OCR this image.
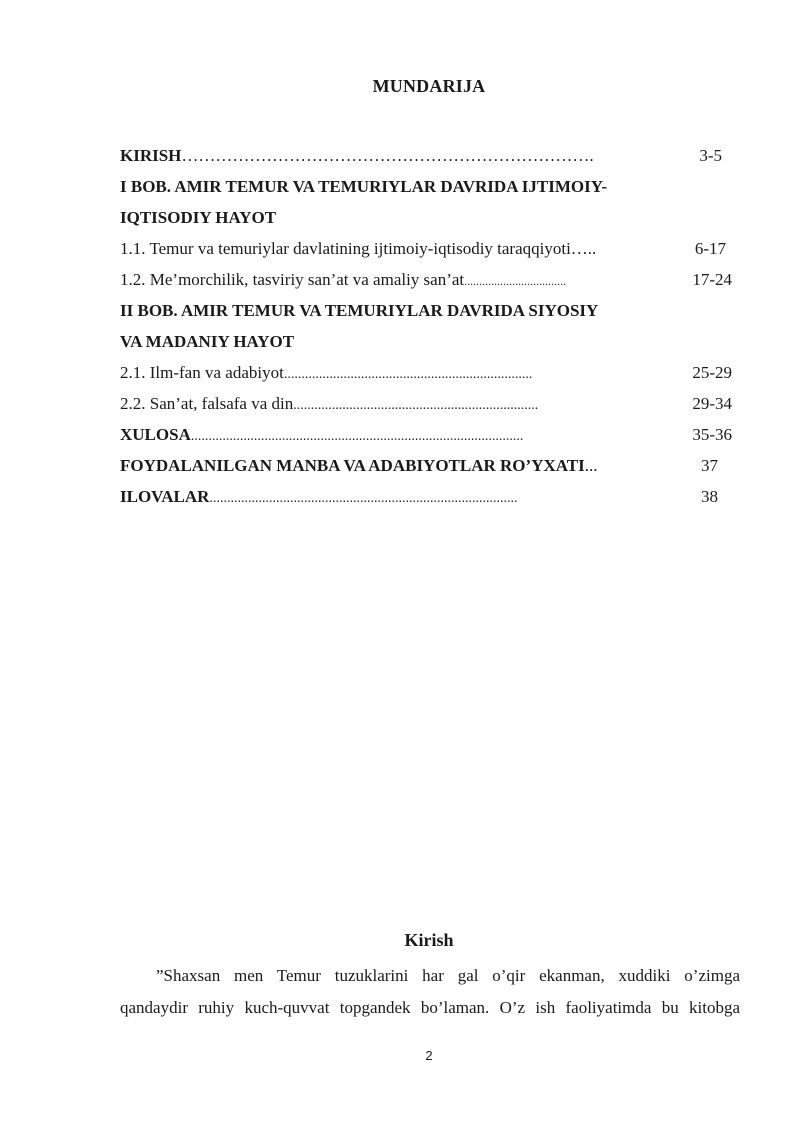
MUNDARIJA
KIRISH……………………………………………………………….	3-5
I BOB. AMIR TEMUR VA TEMURIYLAR DAVRIDA IJTIMOIY-
IQTISODIY HAYOT
1.1. Temur va temuriylar davlatining ijtimoiy-iqtisodiy taraqqiyoti…..	6-17
1.2. Me’morchilik, tasviriy san’at va amaliy san’at..................................	17-24
II BOB. AMIR TEMUR VA TEMURIYLAR DAVRIDA SIYOSIY
VA MADANIY HAYOT
2.1. Ilm-fan va adabiyot.......................................................................	25-29
2.2. San’at, falsafa va din......................................................................	29-34
XULOSA...............................................................................................	35-36
FOYDALANILGAN MANBA VA ADABIYOTLAR RO’YXATI...	37
ILOVALAR........................................................................................	38
Kirish
”Shaxsan men Temur tuzuklarini har gal o’qir ekanman, xuddiki o’zimga
qandaydir ruhiy kuch-quvvat topgandek bo’laman. O’z ish faoliyatimda bu kitobga
2
